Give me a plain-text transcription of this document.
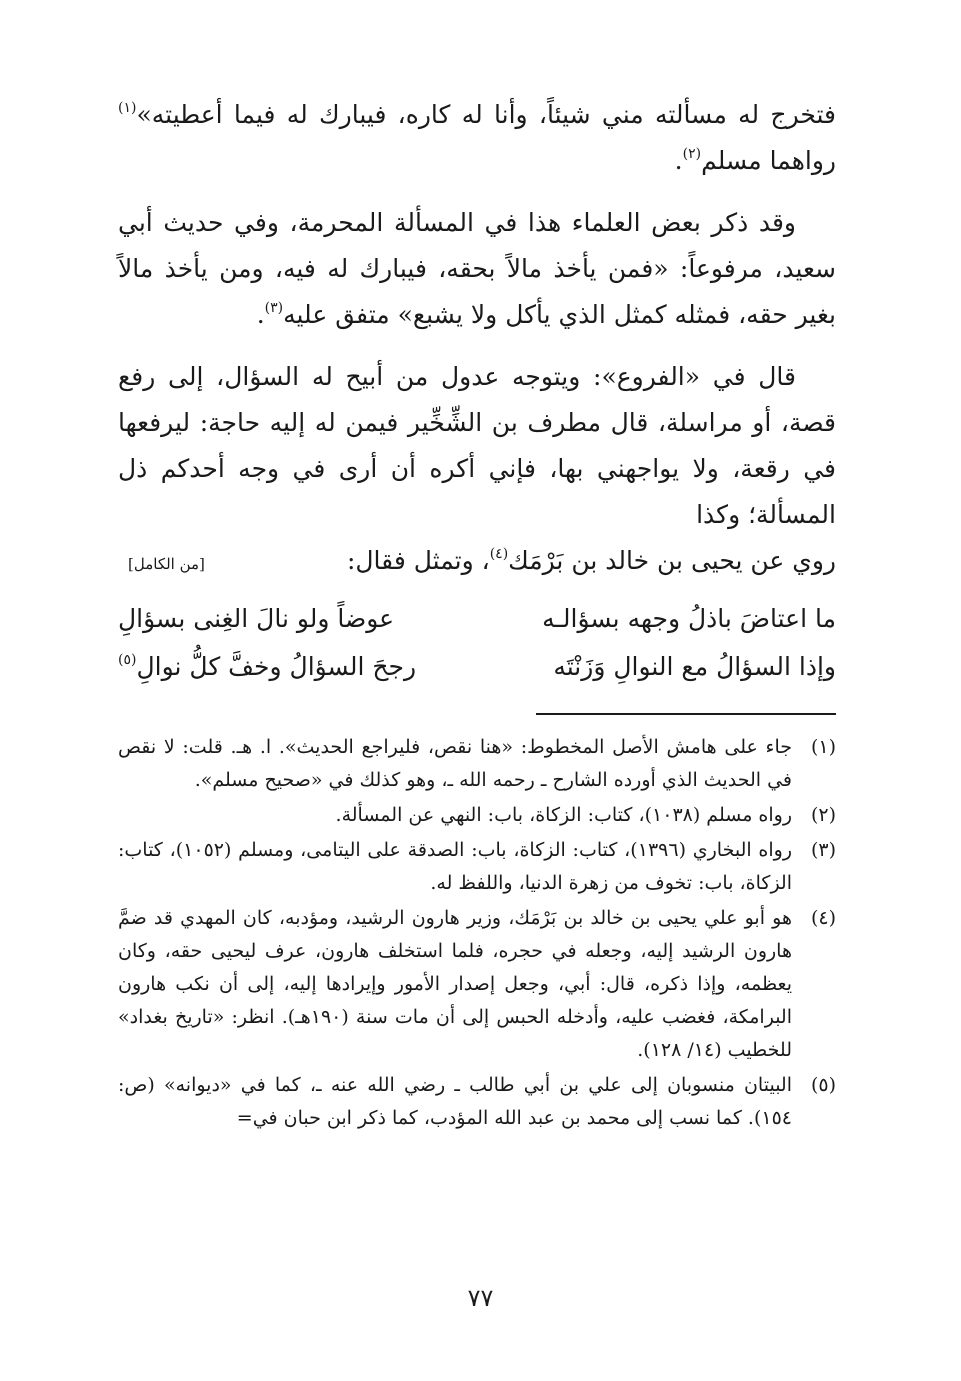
فتخرج له مسألته مني شيئاً، وأنا له كاره، فيبارك له فيما أعطيته»$^{(١)}$ رواهما مسلم$^{(٢)}$.

وقد ذكر بعض العلماء هذا في المسألة المحرمة، وفي حديث أبي سعيد، مرفوعاً: «فمن يأخذ مالاً بحقه، فيبارك له فيه، ومن يأخذ مالاً بغير حقه، فمثله كمثل الذي يأكل ولا يشبع» متفق عليه$^{(٣)}$.

قال في «الفروع»: ويتوجه عدول من أبيح له السؤال، إلى رفع قصة، أو مراسلة، قال مطرف بن الشِّخِّير فيمن له إليه حاجة: ليرفعها في رقعة، ولا يواجهني بها، فإني أكره أن أرى في وجه أحدكم ذل المسألة؛ وكذا

روي عن يحيى بن خالد بن بَرْمَك$^{(٤)}$، وتمثل فقال:
[من الكامل]
ما اعتاضَ باذلُ وجهه بسؤالـه
عوضاً ولو نالَ الغِنى بسؤالِ
وإذا السؤالُ مع النوالِ وَزَنْتَه
رجحَ السؤالُ وخفَّ كلُّ نوالِ$^{(٥)}$
(١)
جاء على هامش الأصل المخطوط: «هنا نقص، فليراجع الحديث». ا. هـ. قلت: لا نقص في الحديث الذي أورده الشارح ـ رحمه الله ـ، وهو كذلك في «صحيح مسلم».
(٢)
رواه مسلم (١٠٣٨)، كتاب: الزكاة، باب: النهي عن المسألة.
(٣)
رواه البخاري (١٣٩٦)، كتاب: الزكاة، باب: الصدقة على اليتامى، ومسلم (١٠٥٢)، كتاب: الزكاة، باب: تخوف من زهرة الدنيا، واللفظ له.
(٤)
هو أبو علي يحيى بن خالد بن بَرْمَك، وزير هارون الرشيد، ومؤدبه، كان المهدي قد ضمَّ هارون الرشيد إليه، وجعله في حجره، فلما استخلف هارون، عرف ليحيى حقه، وكان يعظمه، وإذا ذكره، قال: أبي، وجعل إصدار الأمور وإيرادها إليه، إلى أن نكب هارون البرامكة، فغضب عليه، وأدخله الحبس إلى أن مات سنة (١٩٠هـ). انظر: «تاريخ بغداد» للخطيب (١٤/ ١٢٨).
(٥)
البيتان منسوبان إلى علي بن أبي طالب ـ رضي الله عنه ـ، كما في «ديوانه» (ص: ١٥٤). كما نسب إلى محمد بن عبد الله المؤدب، كما ذكر ابن حبان في=
٧٧
